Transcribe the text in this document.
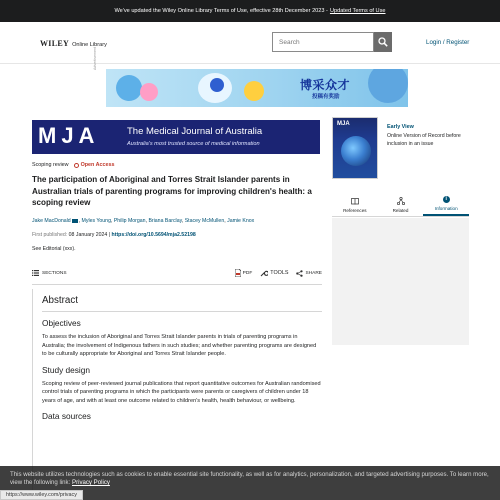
We've updated the Wiley Online Library Terms of Use, effective 28th December 2023 - Updated Terms of Use
WILEY Online Library	Search	Login / Register
Advertisement
博采众才
投稿有奖励
MJA	The Medical Journal of Australia
Australia's most trusted source of medical information
Scoping review Open Access
The participation of Aboriginal and Torres Strait Islander parents in Australian trials of parenting programs for improving children's health: a scoping review
Jake MacDonald , Myles Young, Philip Morgan, Briana Barclay, Stacey McMullen, Jamie Knox
First published: 08 January 2024 | https://doi.org/10.5694/mja2.52198
See Editorial (xxx).
SECTIONS	PDF	TOOLS	SHARE
Abstract
Objectives

To assess the inclusion of Aboriginal and Torres Strait Islander parents in trials of parenting programs in Australia; the involvement of Indigenous fathers in such studies; and whether parenting programs are designed to be culturally appropriate for Aboriginal and Torres Strait Islander people.

Study design

Scoping review of peer-reviewed journal publications that report quantitative outcomes for Australian randomised control trials of parenting programs in which the participants were parents or caregivers of children under 18 years of age, and with at least one outcome related to children's health, health behaviour, or wellbeing.

Data sources
MJA	Early View
Online Version of Record before inclusion in an issue
References	Related
i
Information
This website utilizes technologies such as cookies to enable essential site functionality, as well as for analytics, personalization, and targeted advertising purposes. To learn more, view the following link: Privacy Policy
https://www.wiley.com/privacy
